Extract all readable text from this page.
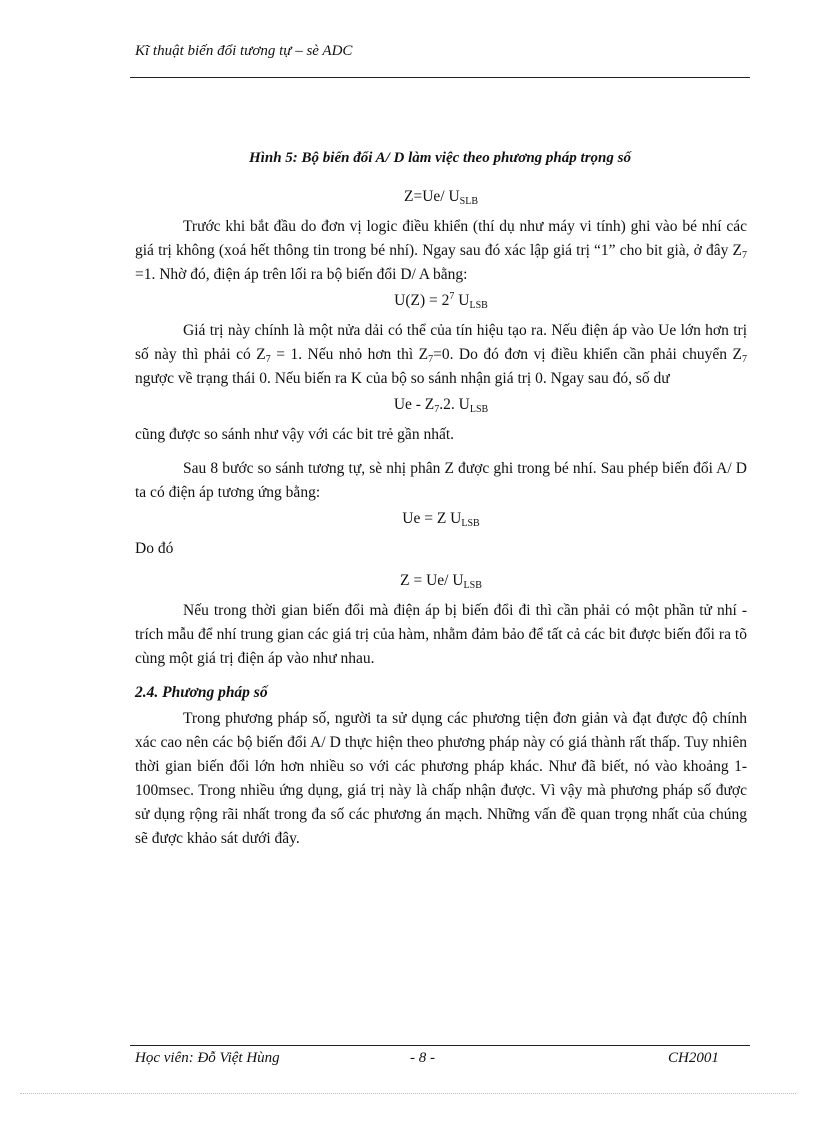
Kĩ thuật biến đổi tương tự – sè ADC
Hình 5: Bộ biến đổi A/ D làm việc theo phương pháp trọng số
Z=Ue/ $U_{SLB}$

Trước khi bắt đầu do đơn vị logic điều khiển (thí dụ như máy vi tính) ghi vào bé nhí các giá trị không (xoá hết thông tin trong bé nhí). Ngay sau đó xác lập giá trị “1” cho bit già, ở đây $Z_7 =1$. Nhờ đó, điện áp trên lối ra bộ biến đổi D/ A bằng:

$U(Z) = 2^7$ $U_{LSB}$

Giá trị này chính là một nửa dải có thể của tín hiệu tạo ra. Nếu điện áp vào Ue lớn hơn trị số này thì phải có $Z_7 = 1$. Nếu nhỏ hơn thì $Z_7=0$. Do đó đơn vị điều khiển cần phải chuyển $Z_7$ ngược về trạng thái 0. Nếu biến ra K của bộ so sánh nhận giá trị 0. Ngay sau đó, số dư

Ue - $Z_7.2$. $U_{LSB}$

cũng được so sánh như vậy với các bit trẻ gần nhất.

Sau 8 bước so sánh tương tự, sè nhị phân Z được ghi trong bé nhí. Sau phép biến đổi A/ D ta có điện áp tương ứng bằng:

Ue = Z $U_{LSB}$

Do đó

Z = Ue/ $U_{LSB}$

Nếu trong thời gian biến đổi mà điện áp bị biến đổi đi thì cần phải có một phần tử nhí - trích mẫu để nhí trung gian các giá trị của hàm, nhằm đảm bảo để tất cả các bit được biến đổi ra tõ cùng một giá trị điện áp vào như nhau.

2.4. Phương pháp số

Trong phương pháp số, người ta sử dụng các phương tiện đơn giản và đạt được độ chính xác cao nên các bộ biến đổi A/ D thực hiện theo phương pháp này có giá thành rất thấp. Tuy nhiên thời gian biến đổi lớn hơn nhiều so với các phương pháp khác. Như đã biết, nó vào khoảng 1- 100msec. Trong nhiều ứng dụng, giá trị này là chấp nhận được. Vì vậy mà phương pháp số được sử dụng rộng rãi nhất trong đa số các phương án mạch. Những vấn đề quan trọng nhất của chúng sẽ được khảo sát dưới đây.

Học viên: Đỗ Việt Hùng	- 8 -	CH2001
